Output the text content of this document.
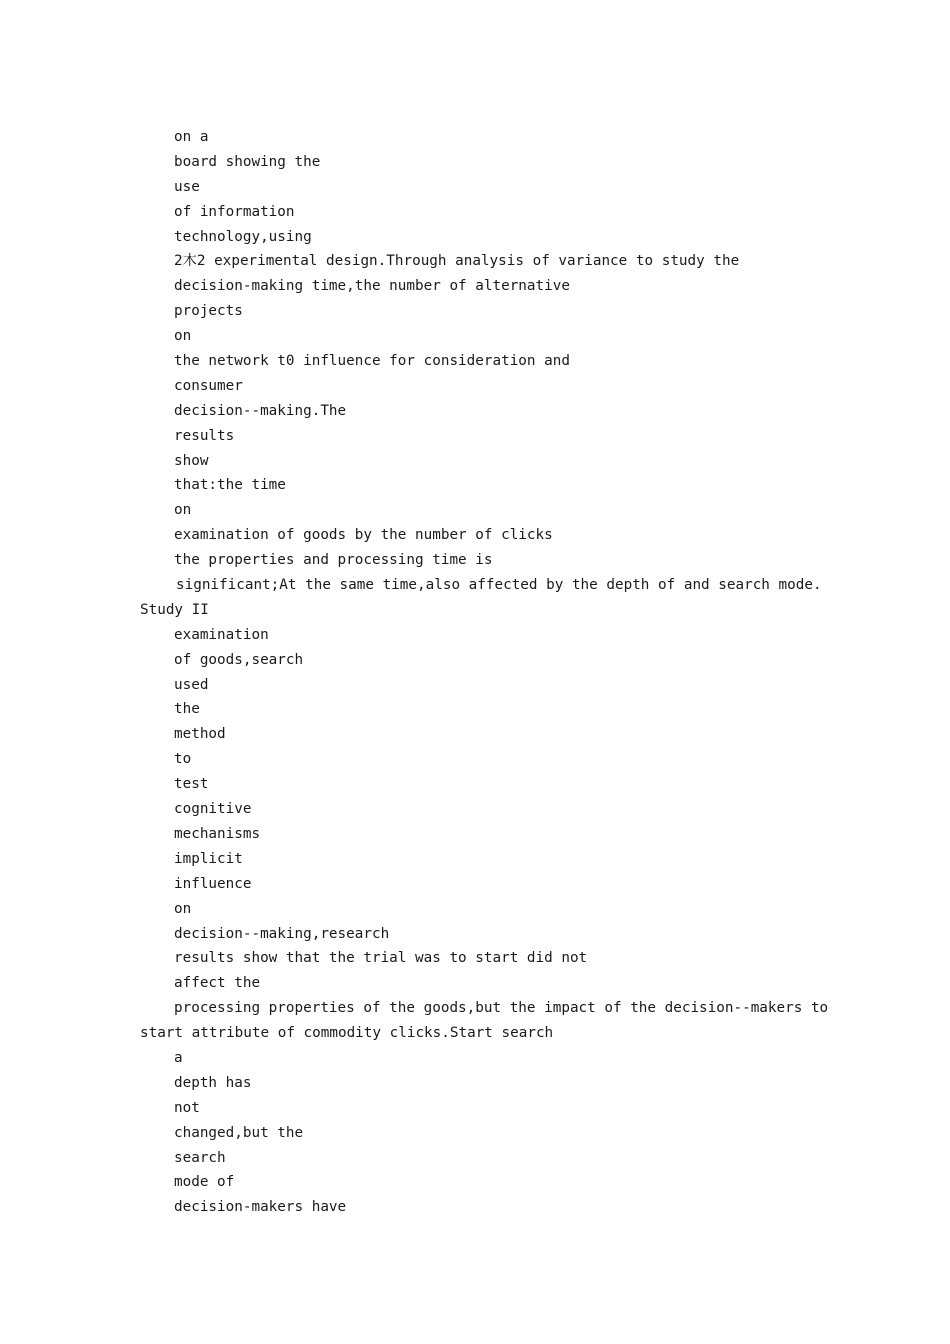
on a
board showing the
use
of information
technology,using
2木2 experimental design.Through analysis of variance to study the
decision-making time,the number of alternative
projects
on
the network t0 influence for consideration and
consumer
decision--making.The
results
show
that:the time
on
examination of goods by the number of clicks
the properties and processing time is
significant;At the same time,also affected by the depth of and search mode.
Study II
examination
of goods,search
used
the
method
to
test
cognitive
mechanisms
implicit
influence
on
decision--making,research
results show that the trial was to start did not
affect the
processing properties of the goods,but the impact of the decision--makers to
start attribute of commodity clicks.Start search
a
depth has
not
changed,but the
search
mode of
decision-makers have
